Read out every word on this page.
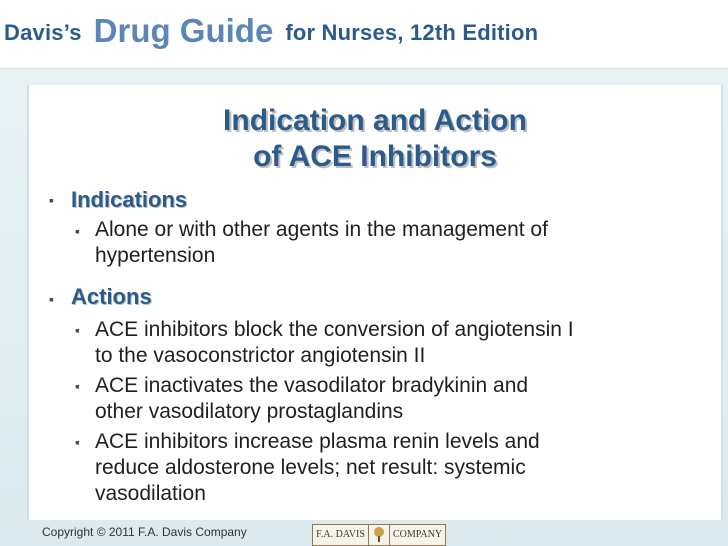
Davis’s Drug Guide for Nurses, 12th Edition
Indication and Action
of ACE Inhibitors
▪ Indications
▪ Alone or with other agents in the management of
hypertension
▪ Actions
▪ ACE inhibitors block the conversion of angiotensin I
to the vasoconstrictor angiotensin II
▪ ACE inactivates the vasodilator bradykinin and
other vasodilatory prostaglandins
▪ ACE inhibitors increase plasma renin levels and
reduce aldosterone levels; net result: systemic
vasodilation
Copyright © 2011 F.A. Davis Company	F.A. DAVIS	COMPANY
